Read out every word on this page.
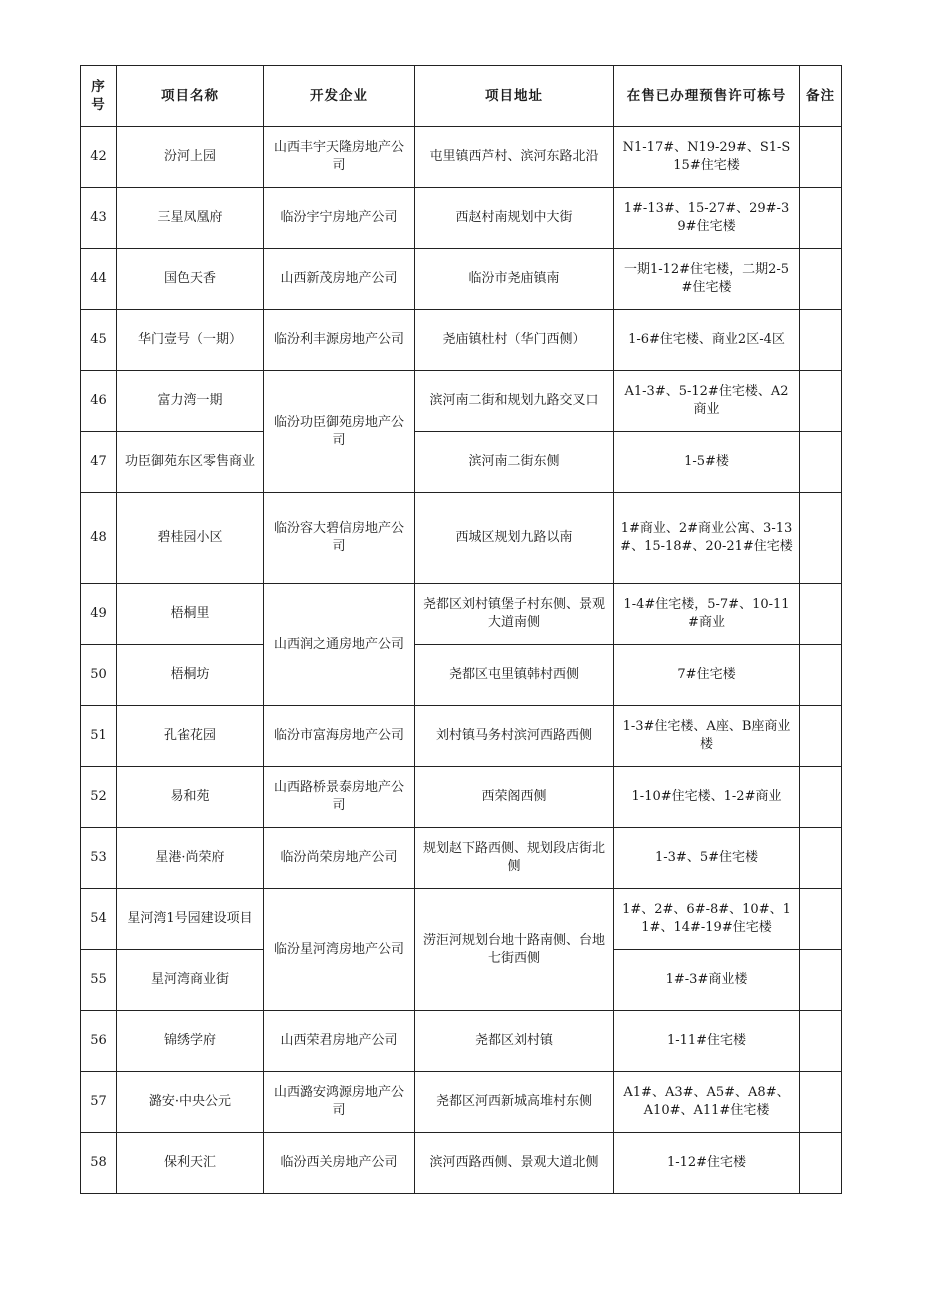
序号	项目名称	开发企业	项目地址	在售已办理预售许可栋号	备注
42	汾河上园	山西丰宇天隆房地产公司	屯里镇西芦村、滨河东路北沿	N1-17#、N19-29#、S1-S15#住宅楼	
43	三星凤凰府	临汾宇宁房地产公司	西赵村南规划中大街	1#-13#、15-27#、29#-39#住宅楼	
44	国色天香	山西新茂房地产公司	临汾市尧庙镇南	一期1-12#住宅楼，二期2-5#住宅楼	
45	华门壹号（一期）	临汾利丰源房地产公司	尧庙镇杜村（华门西侧）	1-6#住宅楼、商业2区-4区	
46	富力湾一期	临汾功臣御苑房地产公司	滨河南二街和规划九路交叉口	A1-3#、5-12#住宅楼、A2商业	
47	功臣御苑东区零售商业		滨河南二街东侧	1-5#楼	
48	碧桂园小区	临汾容大碧信房地产公司	西城区规划九路以南	1#商业、2#商业公寓、3-13#、15-18#、20-21#住宅楼	
49	梧桐里	山西润之通房地产公司	尧都区刘村镇堡子村东侧、景观大道南侧	1-4#住宅楼，5-7#、10-11#商业	
50	梧桐坊		尧都区屯里镇韩村西侧	7#住宅楼	
51	孔雀花园	临汾市富海房地产公司	刘村镇马务村滨河西路西侧	1-3#住宅楼、A座、B座商业楼	
52	易和苑	山西路桥景泰房地产公司	西荣阁西侧	1-10#住宅楼、1-2#商业	
53	星港·尚荣府	临汾尚荣房地产公司	规划赵下路西侧、规划段店街北侧	1-3#、5#住宅楼	
54	星河湾1号园建设项目	临汾星河湾房地产公司	涝洰河规划台地十路南侧、台地七街西侧	1#、2#、6#-8#、10#、11#、14#-19#住宅楼	
55	星河湾商业街			1#-3#商业楼	
56	锦绣学府	山西荣君房地产公司	尧都区刘村镇	1-11#住宅楼	
57	潞安·中央公元	山西潞安鸿源房地产公司	尧都区河西新城高堆村东侧	A1#、A3#、A5#、A8#、A10#、A11#住宅楼	
58	保利天汇	临汾西关房地产公司	滨河西路西侧、景观大道北侧	1-12#住宅楼	
